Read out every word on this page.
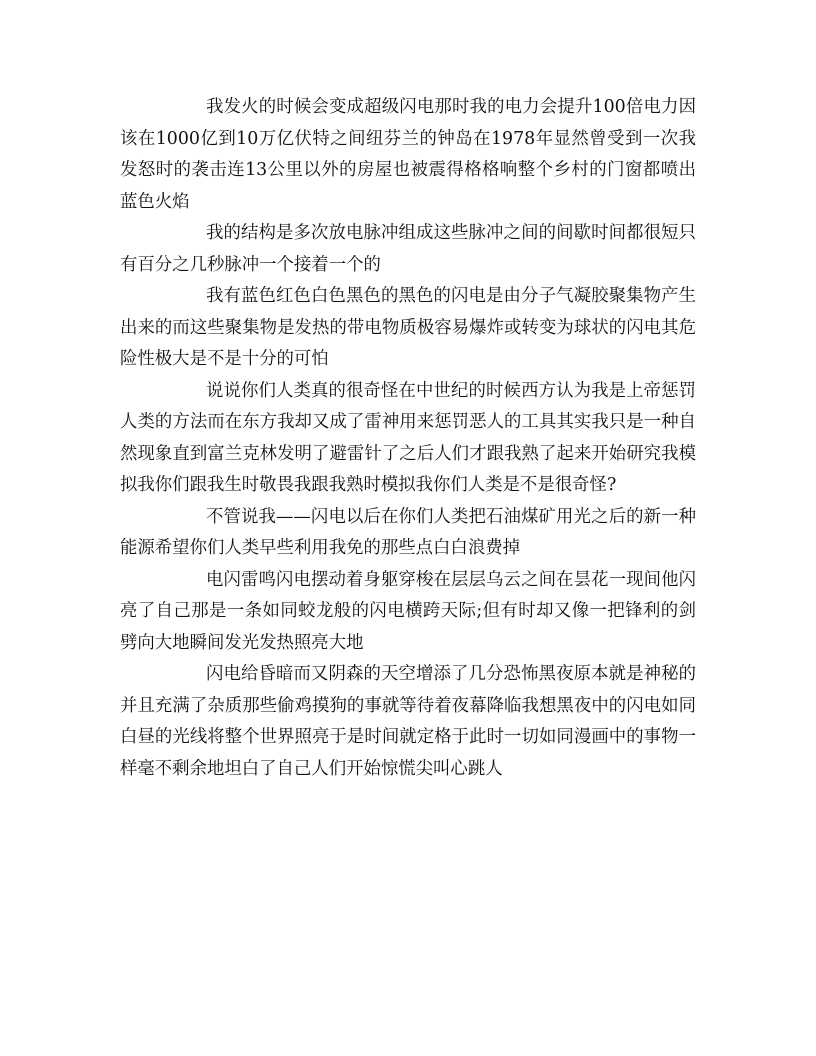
我发火的时候会变成超级闪电那时我的电力会提升100倍电力因该在1000亿到10万亿伏特之间纽芬兰的钟岛在1978年显然曾受到一次我发怒时的袭击连13公里以外的房屋也被震得格格响整个乡村的门窗都喷出蓝色火焰

我的结构是多次放电脉冲组成这些脉冲之间的间歇时间都很短只有百分之几秒脉冲一个接着一个的

我有蓝色红色白色黑色的黑色的闪电是由分子气凝胶聚集物产生出来的而这些聚集物是发热的带电物质极容易爆炸或转变为球状的闪电其危险性极大是不是十分的可怕

说说你们人类真的很奇怪在中世纪的时候西方认为我是上帝惩罚人类的方法而在东方我却又成了雷神用来惩罚恶人的工具其实我只是一种自然现象直到富兰克林发明了避雷针了之后人们才跟我熟了起来开始研究我模拟我你们跟我生时敬畏我跟我熟时模拟我你们人类是不是很奇怪?

不管说我——闪电以后在你们人类把石油煤矿用光之后的新一种能源希望你们人类早些利用我免的那些点白白浪费掉

电闪雷鸣闪电摆动着身躯穿梭在层层乌云之间在昙花一现间他闪亮了自己那是一条如同蛟龙般的闪电横跨天际;但有时却又像一把锋利的剑劈向大地瞬间发光发热照亮大地

闪电给昏暗而又阴森的天空增添了几分恐怖黑夜原本就是神秘的并且充满了杂质那些偷鸡摸狗的事就等待着夜幕降临我想黑夜中的闪电如同白昼的光线将整个世界照亮于是时间就定格于此时一切如同漫画中的事物一样毫不剩余地坦白了自己人们开始惊慌尖叫心跳人
